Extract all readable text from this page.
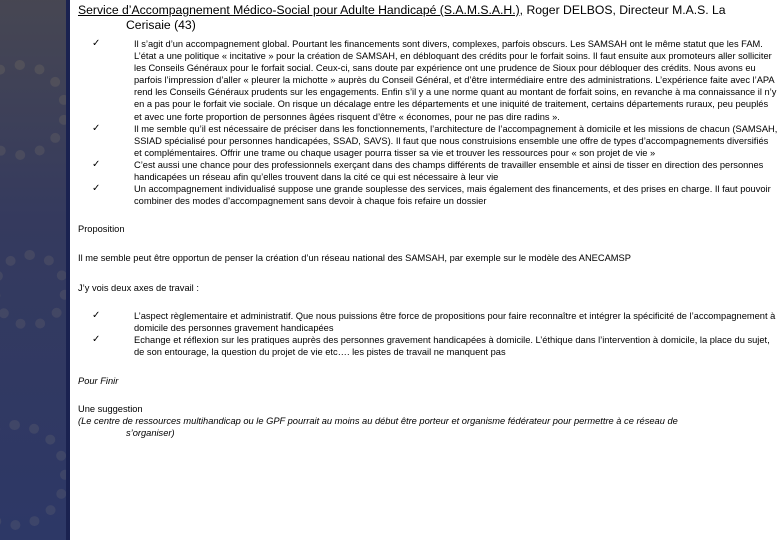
Service d’Accompagnement Médico-Social pour Adulte Handicapé (S.A.M.S.A.H.), Roger DELBOS, Directeur M.A.S. La
Cerisaie (43)
✓	Il s’agit d’un accompagnement global. Pourtant les financements sont divers, complexes, parfois obscurs. Les SAMSAH ont le même statut que les FAM. L’état a une politique « incitative » pour la création de SAMSAH, en débloquant des crédits pour le forfait soins. Il faut ensuite aux promoteurs aller solliciter les Conseils Généraux pour le forfait social. Ceux-ci, sans doute par expérience ont une prudence de Sioux pour débloquer des crédits. Nous avons eu parfois l’impression d’aller « pleurer la michotte » auprès du Conseil Général, et d’être intermédiaire entre des administrations. L’expérience faite avec l’APA rend les Conseils Généraux prudents sur les engagements. Enfin s’il y a une norme quant au montant de forfait soins, en revanche à ma connaissance il n’y en a pas pour le forfait vie sociale. On risque un décalage entre les départements et une iniquité de traitement, certains départements ruraux, peu peuplés et avec une forte proportion de personnes âgées risquent d’être « économes, pour ne pas dire radins ».
✓	Il me semble qu’il est nécessaire de préciser dans les fonctionnements, l’architecture de l’accompagnement à domicile et les missions de chacun (SAMSAH, SSIAD spécialisé pour personnes handicapées, SSAD, SAVS). Il faut que nous construisions ensemble une offre de types d’accompagnements diversifiés et complémentaires. Offrir une trame ou chaque usager pourra tisser sa vie et trouver les ressources pour « son projet de vie »
✓	C’est aussi une chance pour des professionnels exerçant dans des champs différents de travailler ensemble et ainsi de tisser en direction des personnes handicapées un réseau afin qu’elles trouvent dans la cité ce qui est nécessaire à leur vie
✓	Un accompagnement individualisé suppose une grande souplesse des services, mais également des financements, et des prises en charge. Il faut pouvoir combiner des modes d’accompagnement sans devoir à chaque fois refaire un dossier
Proposition
Il me semble peut être opportun de penser la création d’un réseau national des SAMSAH, par exemple sur le modèle des ANECAMSP
J’y vois deux axes de travail :
✓	L’aspect règlementaire et administratif. Que nous puissions être force de propositions pour faire reconnaître et intégrer la spécificité de l’accompagnement à domicile des personnes gravement handicapées
✓	Echange et réflexion sur les pratiques auprès des personnes gravement handicapées à domicile. L’éthique dans l’intervention à domicile, la place du sujet, de son entourage, la question du projet de vie etc…. les pistes de travail ne manquent pas
Pour Finir
Une suggestion
(Le centre de ressources multihandicap ou le GPF pourrait au moins au début être porteur et organisme fédérateur pour permettre à ce réseau de
s’organiser)
